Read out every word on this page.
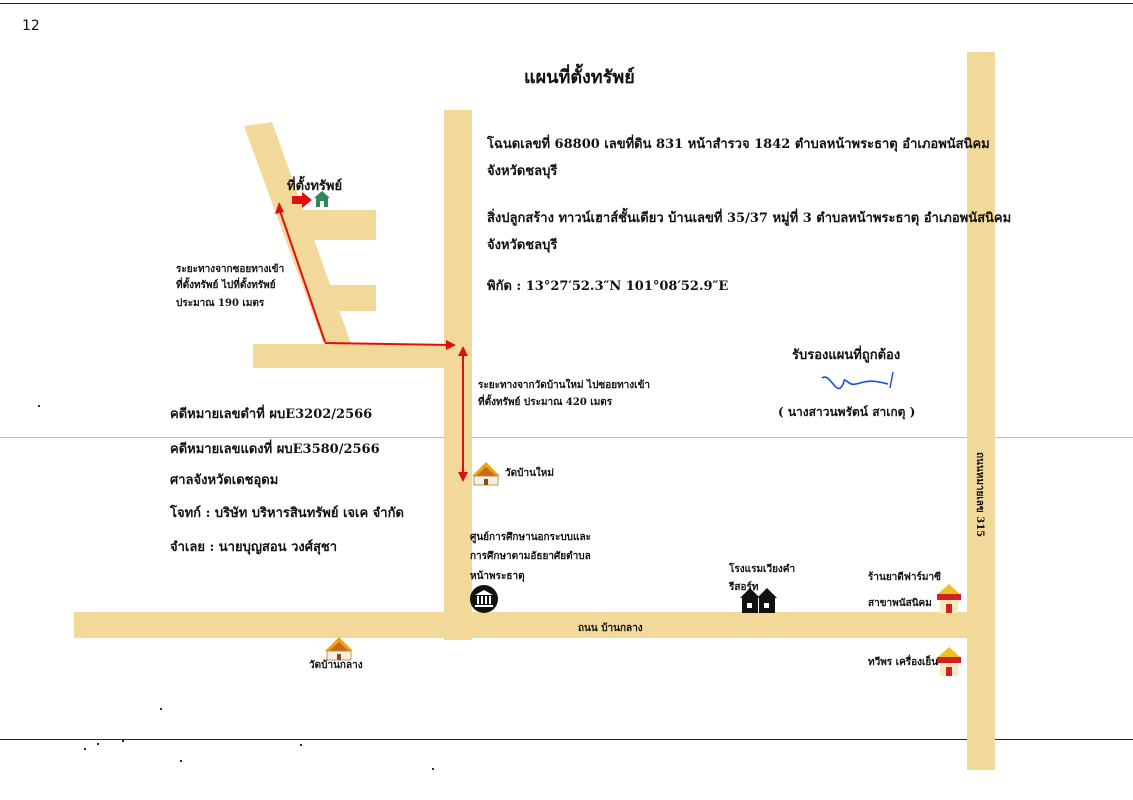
12
แผนที่ตั้งทรัพย์
โฉนดเลขที่ 68800 เลขที่ดิน 831 หน้าสำรวจ 1842 ตำบลหน้าพระธาตุ อำเภอพนัสนิคม
จังหวัดชลบุรี
สิ่งปลูกสร้าง ทาวน์เฮาส์ชั้นเดียว บ้านเลขที่ 35/37 หมู่ที่ 3 ตำบลหน้าพระธาตุ อำเภอพนัสนิคม
จังหวัดชลบุรี
พิกัด : 13°27′52.3″N 101°08′52.9″E
ที่ตั้งทรัพย์
ระยะทางจากซอยทางเข้า
ที่ตั้งทรัพย์ ไปที่ตั้งทรัพย์
ประมาณ 190 เมตร
ระยะทางจากวัดบ้านใหม่ ไปซอยทางเข้า
ที่ตั้งทรัพย์ ประมาณ 420 เมตร
รับรองแผนที่ถูกต้อง
( นางสาวนพรัตน์ สาเกตุ )
คดีหมายเลขดำที่ ผบE3202/2566
คดีหมายเลขแดงที่ ผบE3580/2566
ศาลจังหวัดเดชอุดม
โจทก์ : บริษัท บริหารสินทรัพย์ เจเค จำกัด
จำเลย : นายบุญสอน วงศ์สุชา
วัดบ้านใหม่
ศูนย์การศึกษานอกระบบและ
การศึกษาตามอัธยาศัยตำบล
หน้าพระธาตุ
โรงแรมเวียงคำ
รีสอร์ท
ร้านยาดีฟาร์มาซี
สาขาพนัสนิคม
ทวีพร เครื่องเย็น
วัดบ้านกลาง
ถนน บ้านกลาง
ถนนหมายเลข 315
